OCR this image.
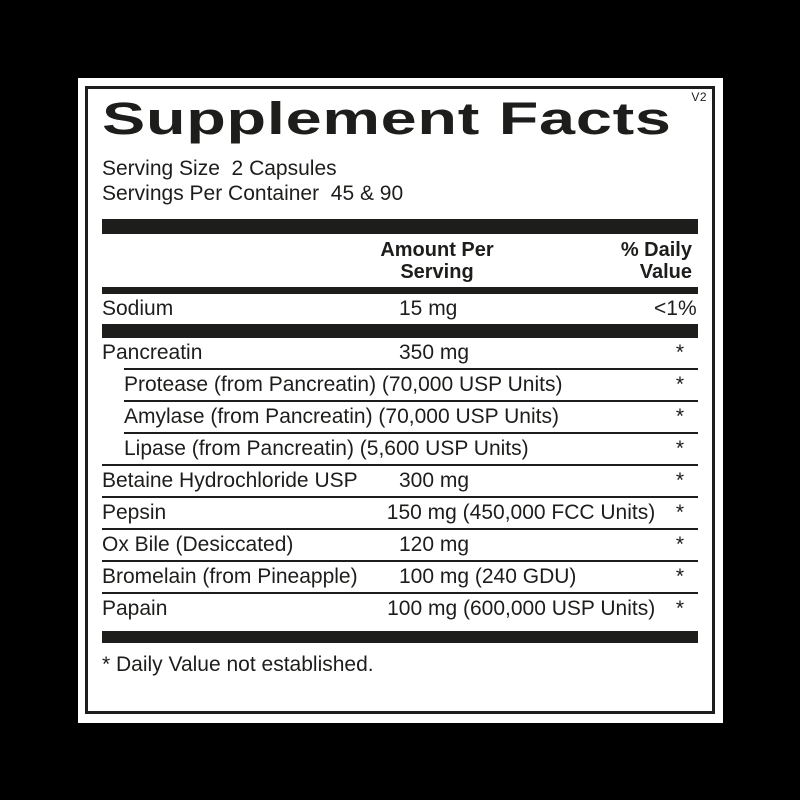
V2
Supplement Facts
Serving Size  2 Capsules
Servings Per Container  45 & 90
Amount Per
Serving
% Daily
Value
Sodium	15 mg	<1%
Pancreatin	350 mg	*
Protease (from Pancreatin) (70,000 USP Units)	*
Amylase (from Pancreatin) (70,000 USP Units)	*
Lipase (from Pancreatin) (5,600 USP Units)	*
Betaine Hydrochloride USP	300 mg	*
Pepsin	150 mg (450,000 FCC Units) *
Ox Bile (Desiccated)	120 mg	*
Bromelain (from Pineapple)	100 mg (240 GDU)	*
Papain	100 mg (600,000 USP Units) *
* Daily Value not established.
